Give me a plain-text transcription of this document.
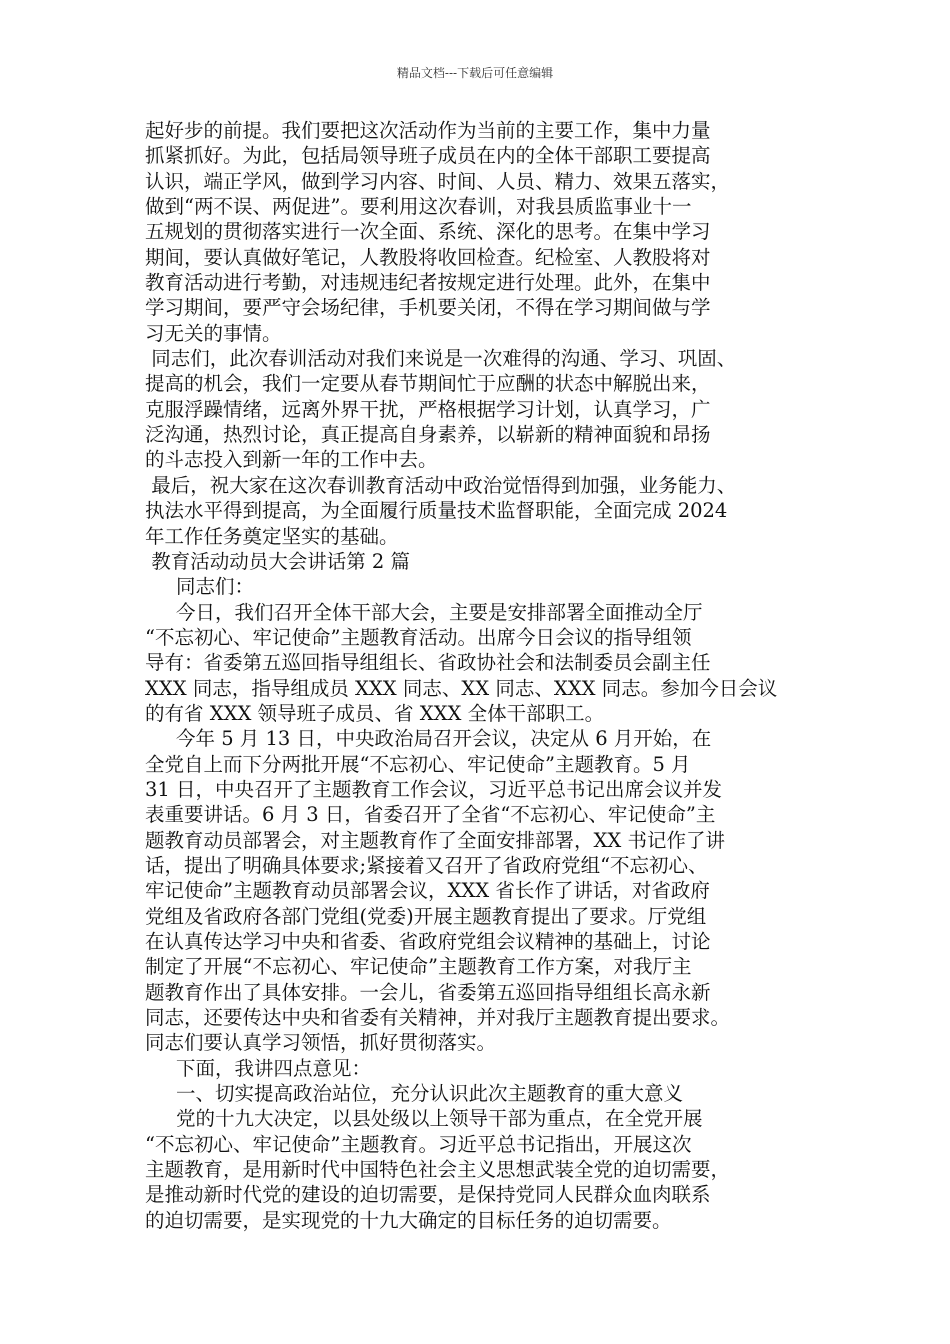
精品文档---下载后可任意编辑
起好步的前提。我们要把这次活动作为当前的主要工作，集中力量
抓紧抓好。为此，包括局领导班子成员在内的全体干部职工要提高
认识，端正学风，做到学习内容、时间、人员、精力、效果五落实，
做到“两不误、两促进”。要利用这次春训，对我县质监事业十一
五规划的贯彻落实进行一次全面、系统、深化的思考。在集中学习
期间，要认真做好笔记，人教股将收回检查。纪检室、人教股将对
教育活动进行考勤，对违规违纪者按规定进行处理。此外，在集中
学习期间，要严守会场纪律，手机要关闭，不得在学习期间做与学
习无关的事情。
同志们，此次春训活动对我们来说是一次难得的沟通、学习、巩固、
提高的机会，我们一定要从春节期间忙于应酬的状态中解脱出来，
克服浮躁情绪，远离外界干扰，严格根据学习计划，认真学习，广
泛沟通，热烈讨论，真正提高自身素养，以崭新的精神面貌和昂扬
的斗志投入到新一年的工作中去。
最后，祝大家在这次春训教育活动中政治觉悟得到加强，业务能力、
执法水平得到提高，为全面履行质量技术监督职能，全面完成 2024
年工作任务奠定坚实的基础。
教育活动动员大会讲话第 2 篇
同志们：
今日，我们召开全体干部大会，主要是安排部署全面推动全厅
“不忘初心、牢记使命”主题教育活动。出席今日会议的指导组领
导有：省委第五巡回指导组组长、省政协社会和法制委员会副主任
XXX 同志，指导组成员 XXX 同志、XX 同志、XXX 同志。参加今日会议
的有省 XXX 领导班子成员、省 XXX 全体干部职工。
今年 5 月 13 日，中央政治局召开会议，决定从 6 月开始，在
全党自上而下分两批开展“不忘初心、牢记使命”主题教育。5 月
31 日，中央召开了主题教育工作会议，习近平总书记出席会议并发
表重要讲话。6 月 3 日，省委召开了全省“不忘初心、牢记使命”主
题教育动员部署会，对主题教育作了全面安排部署，XX 书记作了讲
话，提出了明确具体要求;紧接着又召开了省政府党组“不忘初心、
牢记使命”主题教育动员部署会议，XXX 省长作了讲话，对省政府
党组及省政府各部门党组(党委)开展主题教育提出了要求。厅党组
在认真传达学习中央和省委、省政府党组会议精神的基础上，讨论
制定了开展“不忘初心、牢记使命”主题教育工作方案，对我厅主
题教育作出了具体安排。一会儿，省委第五巡回指导组组长高永新
同志，还要传达中央和省委有关精神，并对我厅主题教育提出要求。
同志们要认真学习领悟，抓好贯彻落实。
下面，我讲四点意见：
一、切实提高政治站位，充分认识此次主题教育的重大意义
党的十九大决定，以县处级以上领导干部为重点，在全党开展
“不忘初心、牢记使命”主题教育。习近平总书记指出，开展这次
主题教育，是用新时代中国特色社会主义思想武装全党的迫切需要，
是推动新时代党的建设的迫切需要，是保持党同人民群众血肉联系
的迫切需要，是实现党的十九大确定的目标任务的迫切需要。
